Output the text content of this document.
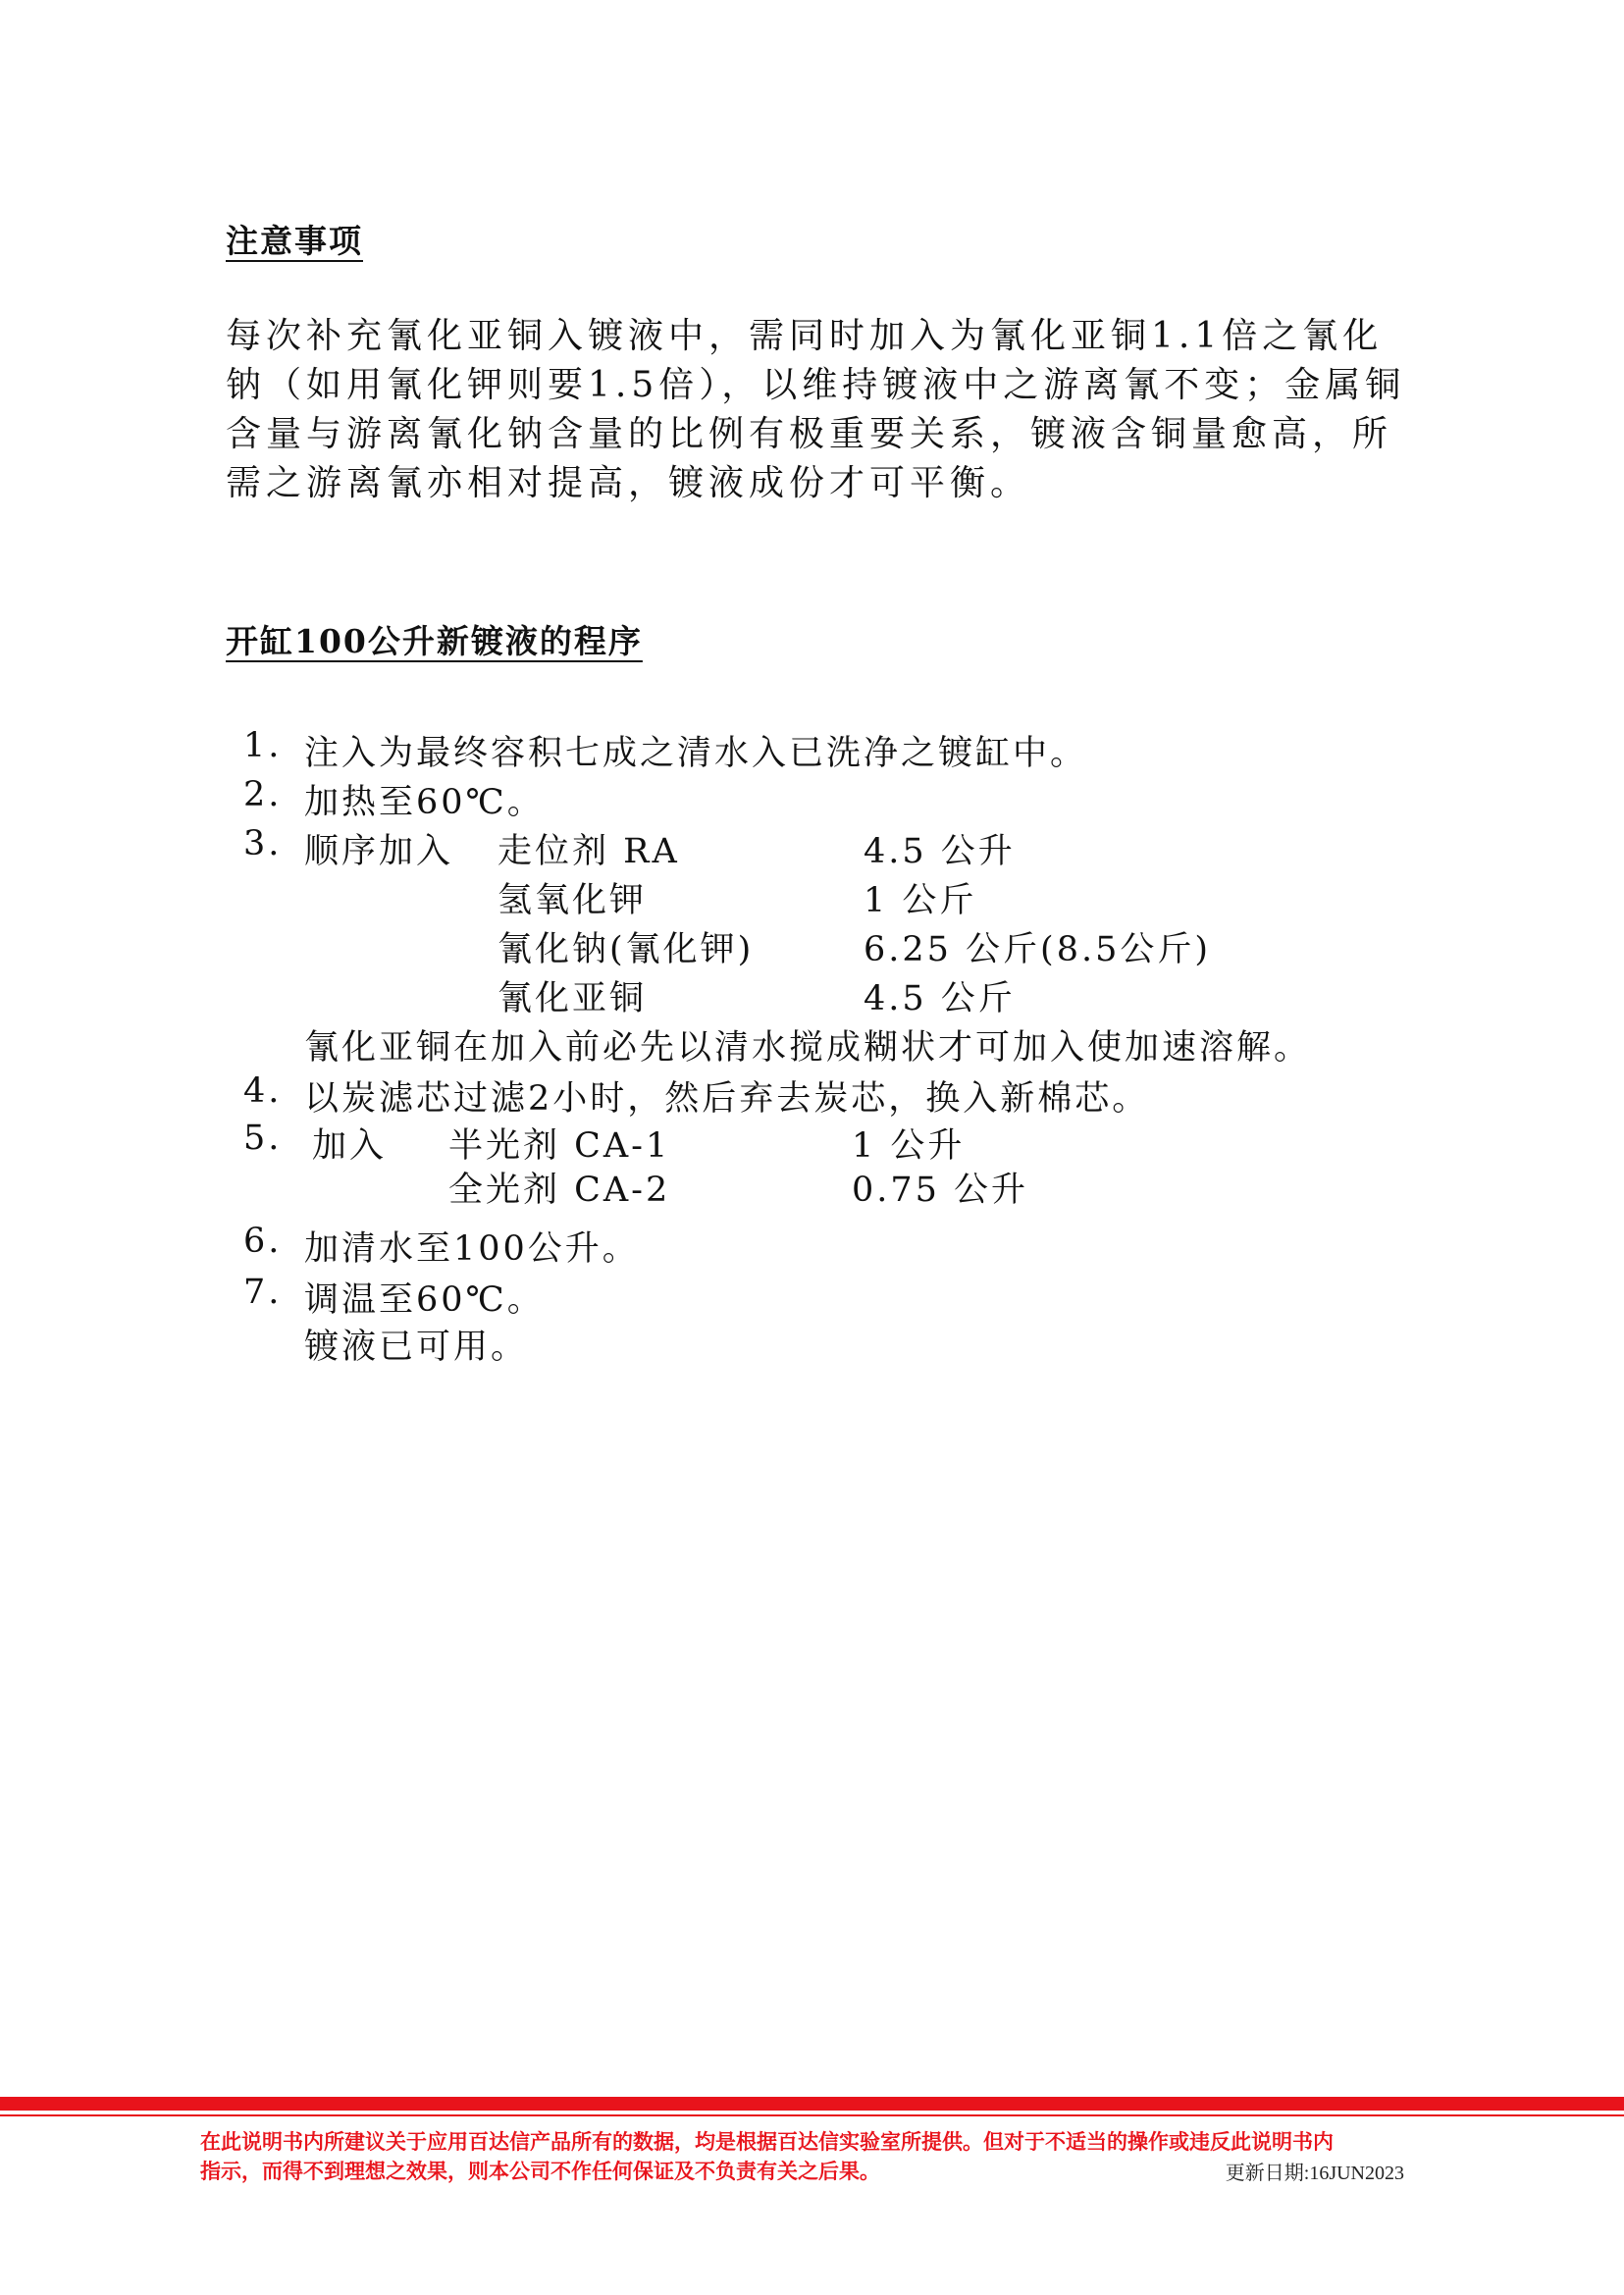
注意事项

每次补充氰化亚铜入镀液中，需同时加入为氰化亚铜1.1倍之氰化钠（如用氰化钾则要1.5倍），以维持镀液中之游离氰不变；金属铜含量与游离氰化钠含量的比例有极重要关系，镀液含铜量愈高，所需之游离氰亦相对提高，镀液成份才可平衡。

开缸100公升新镀液的程序
1. 注入为最终容积七成之清水入已洗净之镀缸中。
2. 加热至60℃。
3. 顺序加入 走位剂 RA	4.5 公升
氢氧化钾	1 公斤
氰化钠(氰化钾)	6.25 公斤(8.5公斤)
氰化亚铜	4.5 公斤
氰化亚铜在加入前必先以清水搅成糊状才可加入使加速溶解。
4. 以炭滤芯过滤2小时，然后弃去炭芯，换入新棉芯。
5. 加入 半光剂 CA-1	1 公升
全光剂 CA-2	0.75 公升
6. 加清水至100公升。
7. 调温至60℃。
镀液已可用。
在此说明书内所建议关于应用百达信产品所有的数据，均是根据百达信实验室所提供。但对于不适当的操作或违反此说明书内
指示，而得不到理想之效果，则本公司不作任何保证及不负责有关之后果。	更新日期:16JUN2023
